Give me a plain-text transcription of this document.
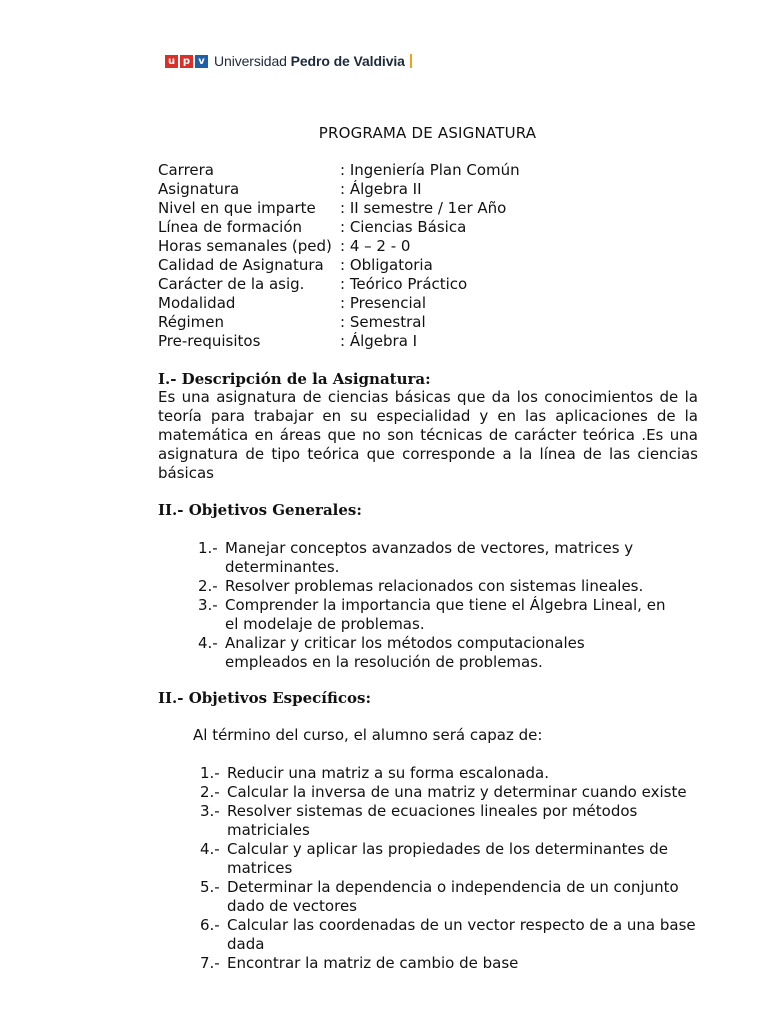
u p v Universidad Pedro de Valdivia
PROGRAMA DE ASIGNATURA
Carrera	: Ingeniería Plan Común
Asignatura	: Álgebra II
Nivel en que imparte	: II semestre / 1er Año
Línea de formación	: Ciencias Básica
Horas semanales (ped) : 4 – 2 - 0
Calidad de Asignatura	: Obligatoria
Carácter de la asig.	: Teórico Práctico
Modalidad	: Presencial
Régimen	: Semestral
Pre-requisitos	: Álgebra I
I.- Descripción de la Asignatura:
Es una asignatura de ciencias básicas que da los conocimientos de la teoría para trabajar en su especialidad y en las aplicaciones de la matemática en áreas que no son técnicas de carácter teórica .Es una asignatura de tipo teórica que corresponde a la línea de las ciencias básicas
II.- Objetivos Generales:
1.- Manejar conceptos avanzados de vectores, matrices y determinantes.
2.- Resolver problemas relacionados con sistemas lineales.
3.- Comprender la importancia que tiene el Álgebra Lineal, en el modelaje de problemas.
4.- Analizar y criticar los métodos computacionales empleados en la resolución de problemas.
II.- Objetivos Específicos:
Al término del curso, el alumno será capaz de:
1.- Reducir una matriz a su forma escalonada.
2.- Calcular la inversa de una matriz y determinar cuando existe
3.- Resolver sistemas de ecuaciones lineales por métodos matriciales
4.- Calcular y aplicar las propiedades de los determinantes de matrices
5.- Determinar la dependencia o independencia de un conjunto dado de vectores
6.- Calcular las coordenadas de un vector respecto de a una base dada
7.- Encontrar la matriz de cambio de base
